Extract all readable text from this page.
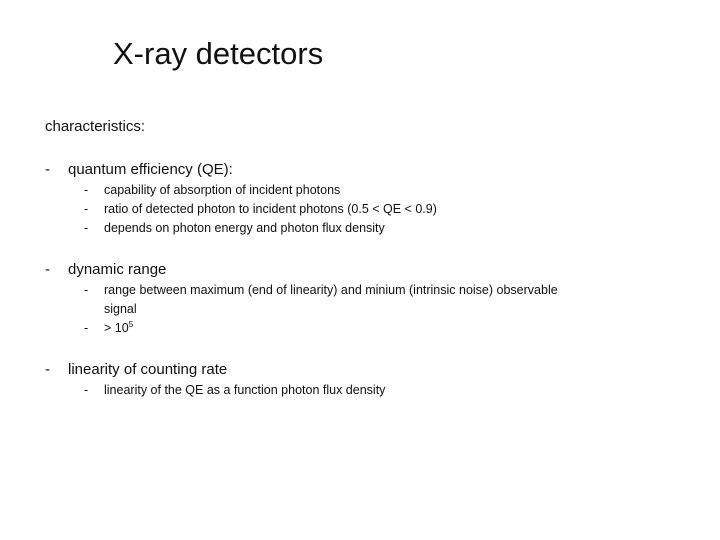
X-ray detectors
characteristics:
- quantum efficiency (QE):
- capability of absorption of incident photons
- ratio of detected photon to incident photons (0.5 < QE < 0.9)
- depends on photon energy and photon flux density
- dynamic range
- range between maximum (end of linearity) and minium (intrinsic noise) observable
signal
- > $10^5$
- linearity of counting rate
- linearity of the QE as a function photon flux density
